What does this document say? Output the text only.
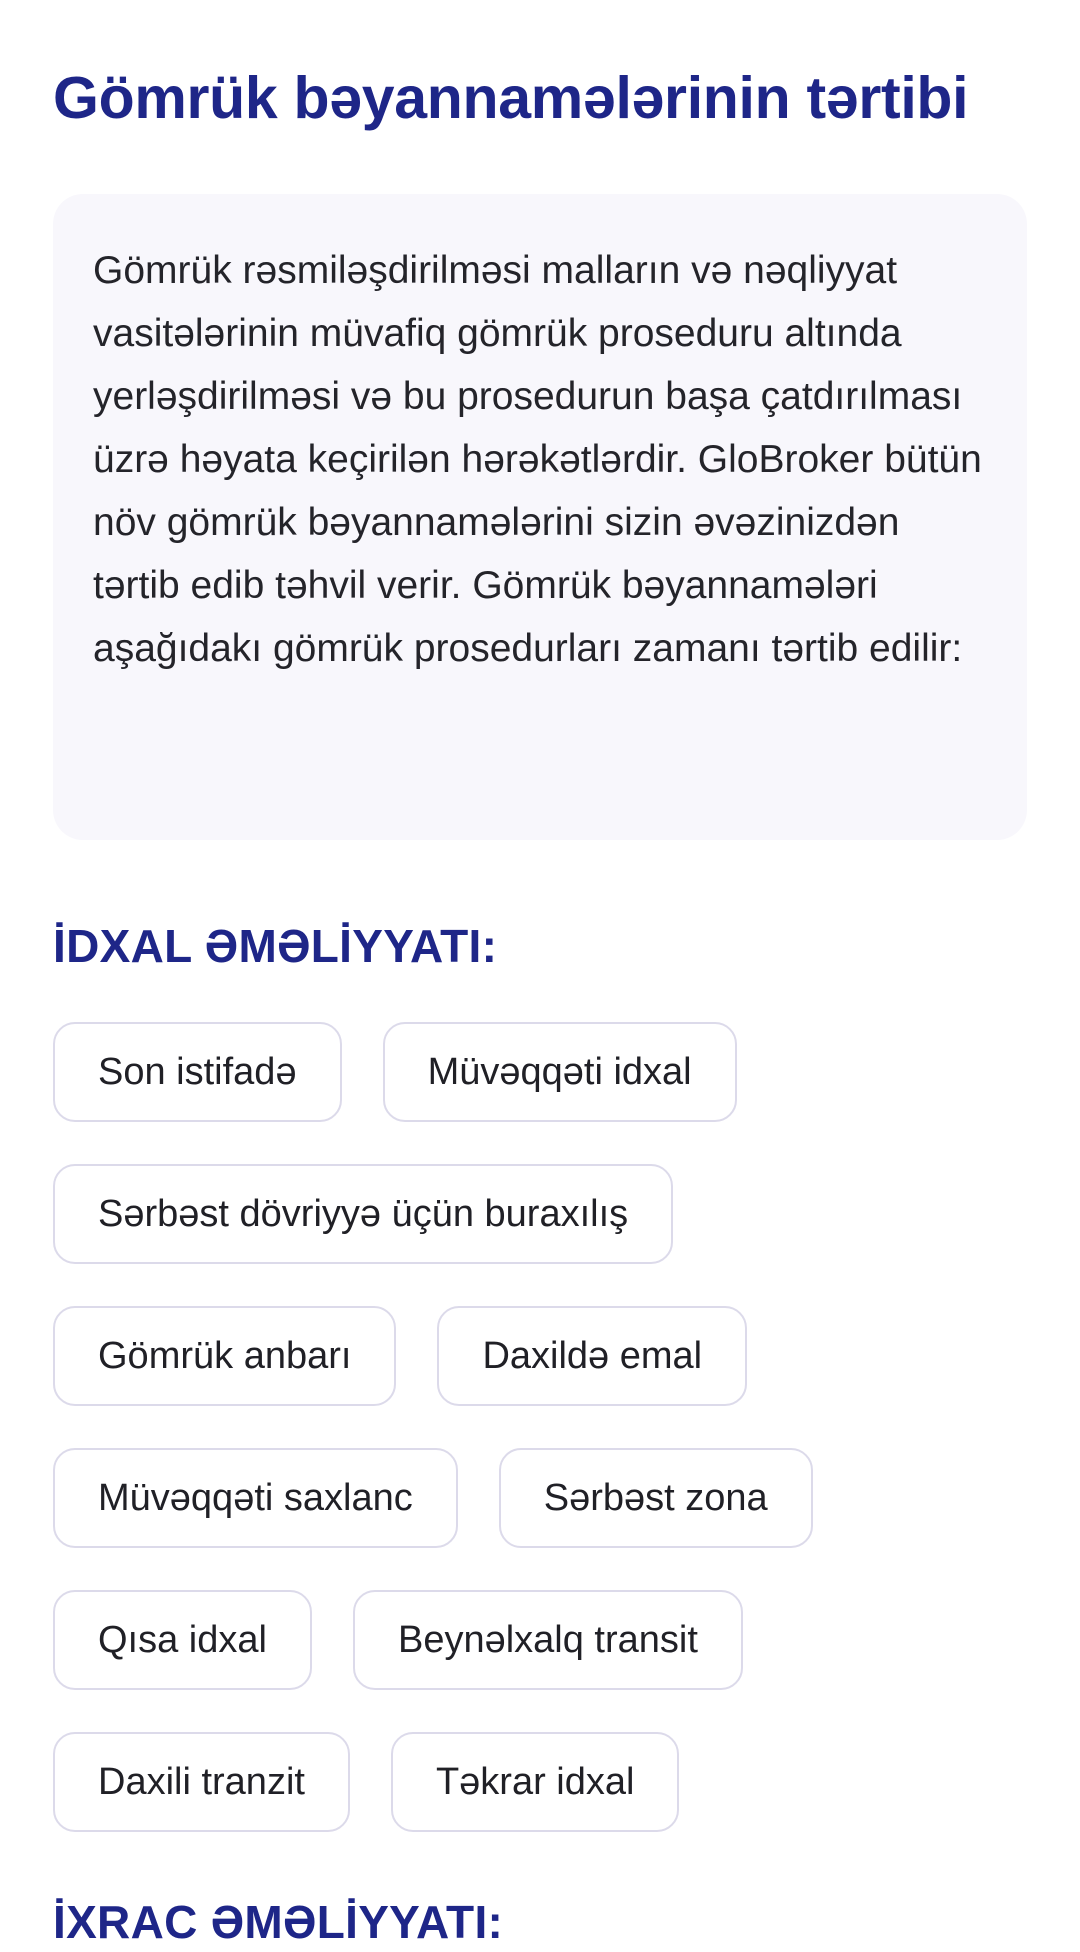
Gömrük bəyannamələrinin tərtibi

Gömrük rəsmiləşdirilməsi malların və nəqliyyat vasitələrinin müvafiq gömrük proseduru altında yerləşdirilməsi və bu prosedurun başa çatdırılması üzrə həyata keçirilən hərəkətlərdir. GloBroker bütün növ gömrük bəyannamələrini sizin əvəzinizdən tərtib edib təhvil verir. Gömrük bəyannamələri aşağıdakı gömrük prosedurları zamanı tərtib edilir:

İDXAL ƏMƏLİYYATI:
Son istifadə	Müvəqqəti idxal
Sərbəst dövriyyə üçün buraxılış
Gömrük anbarı	Daxildə emal
Müvəqqəti saxlanc	Sərbəst zona
Qısa idxal	Beynəlxalq transit
Daxili tranzit	Təkrar idxal
İXRAC ƏMƏLİYYATI:
